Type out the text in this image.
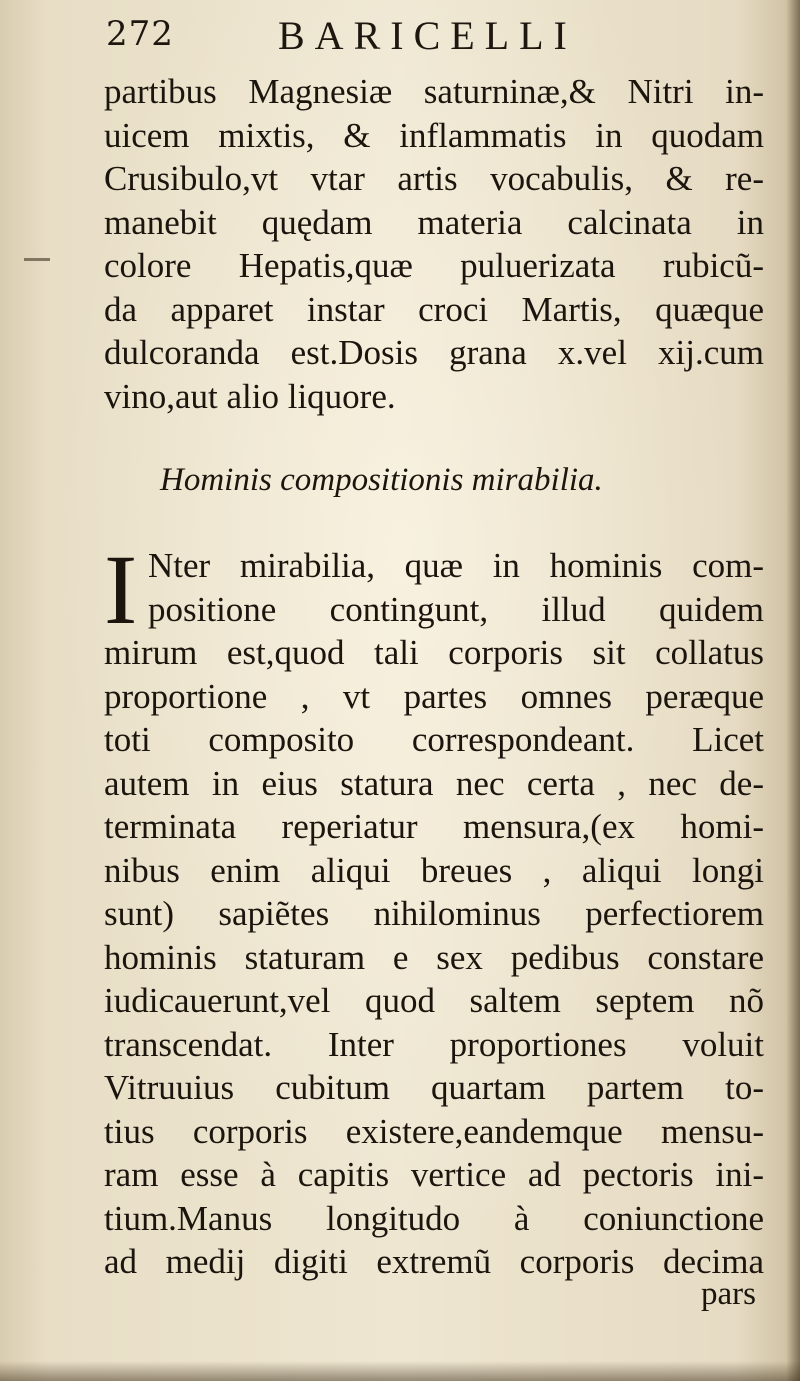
272	BARICELLI
partibus Magnesiæ saturninæ,& Nitri in-
uicem mixtis, & inflammatis in quodam
Crusibulo,vt vtar artis vocabulis, & re-
manebit quędam materia calcinata in
colore Hepatis,quæ puluerizata rubicũ-
da apparet instar croci Martis, quæque
dulcoranda est.Dosis grana x.vel xij.cum
vino,aut alio liquore.
Hominis compositionis mirabilia.
I Nter mirabilia, quæ in hominis com-
positione contingunt, illud quidem
mirum est,quod tali corporis sit collatus
proportione , vt partes omnes peræque
toti composito correspondeant. Licet
autem in eius statura nec certa , nec de-
terminata reperiatur mensura,(ex homi-
nibus enim aliqui breues , aliqui longi
sunt) sapiẽtes nihilominus perfectiorem
hominis staturam e sex pedibus constare
iudicauerunt,vel quod saltem septem nõ
transcendat. Inter proportiones voluit
Vitruuius cubitum quartam partem to-
tius corporis existere,eandemque mensu-
ram esse à capitis vertice ad pectoris ini-
tium.Manus longitudo à coniunctione
ad medij digiti extremũ corporis decima
pars
